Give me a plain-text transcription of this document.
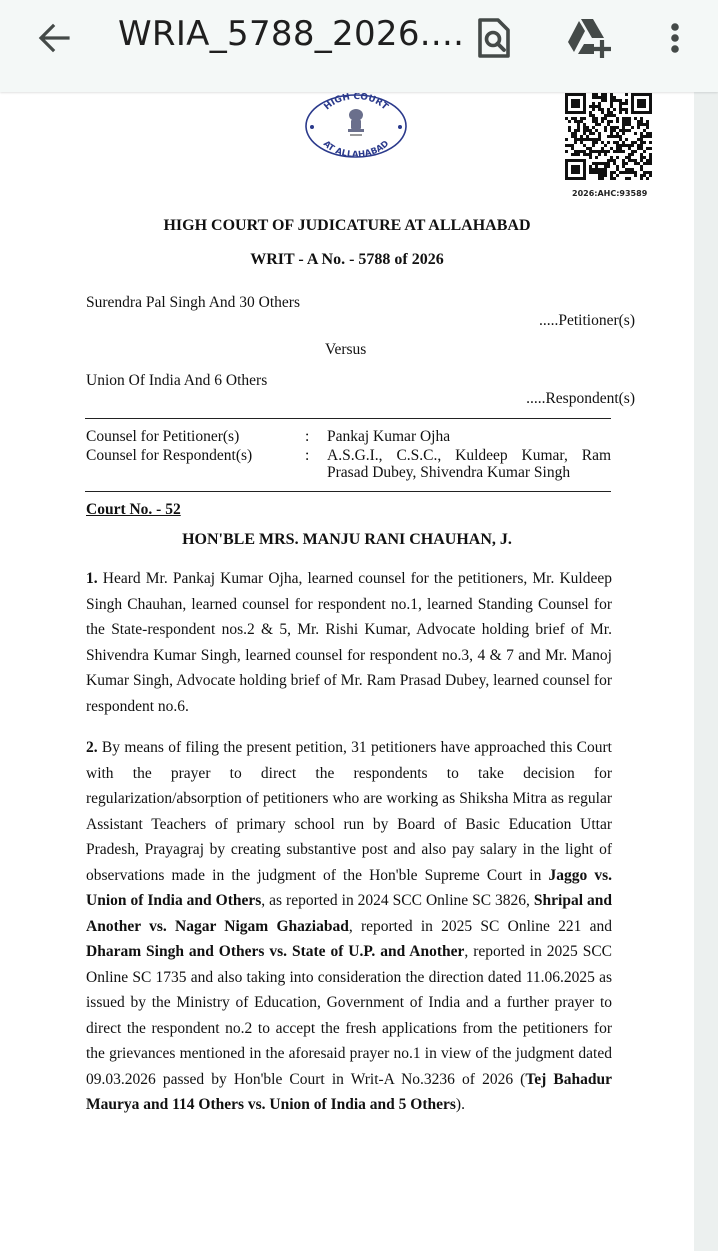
WRIA_5788_2026....
HIGH COURT
AT ALLAHABAD
2026:AHC:93589
HIGH COURT OF JUDICATURE AT ALLAHABAD
WRIT - A No. - 5788 of 2026
Surendra Pal Singh And 30 Others
.....Petitioner(s)
Versus
Union Of India And 6 Others
.....Respondent(s)
Counsel for Petitioner(s)	: Pankaj Kumar Ojha
Counsel for Respondent(s)	: A.S.G.I., C.S.C., Kuldeep Kumar, Ram Prasad Dubey, Shivendra Kumar Singh
Court No. - 52
HON'BLE MRS. MANJU RANI CHAUHAN, J.
1. Heard Mr. Pankaj Kumar Ojha, learned counsel for the petitioners, Mr. Kuldeep Singh Chauhan, learned counsel for respondent no.1, learned Standing Counsel for the State-respondent nos.2 & 5, Mr. Rishi Kumar, Advocate holding brief of Mr. Shivendra Kumar Singh, learned counsel for respondent no.3, 4 & 7 and Mr. Manoj Kumar Singh, Advocate holding brief of Mr. Ram Prasad Dubey, learned counsel for respondent no.6.
2. By means of filing the present petition, 31 petitioners have approached this Court with the prayer to direct the respondents to take decision for regularization/absorption of petitioners who are working as Shiksha Mitra as regular Assistant Teachers of primary school run by Board of Basic Education Uttar Pradesh, Prayagraj by creating substantive post and also pay salary in the light of observations made in the judgment of the Hon'ble Supreme Court in Jaggo vs. Union of India and Others, as reported in 2024 SCC Online SC 3826, Shripal and Another vs. Nagar Nigam Ghaziabad, reported in 2025 SC Online 221 and Dharam Singh and Others vs. State of U.P. and Another, reported in 2025 SCC Online SC 1735 and also taking into consideration the direction dated 11.06.2025 as issued by the Ministry of Education, Government of India and a further prayer to direct the respondent no.2 to accept the fresh applications from the petitioners for the grievances mentioned in the aforesaid prayer no.1 in view of the judgment dated 09.03.2026 passed by Hon'ble Court in Writ-A No.3236 of 2026 (Tej Bahadur Maurya and 114 Others vs. Union of India and 5 Others).
